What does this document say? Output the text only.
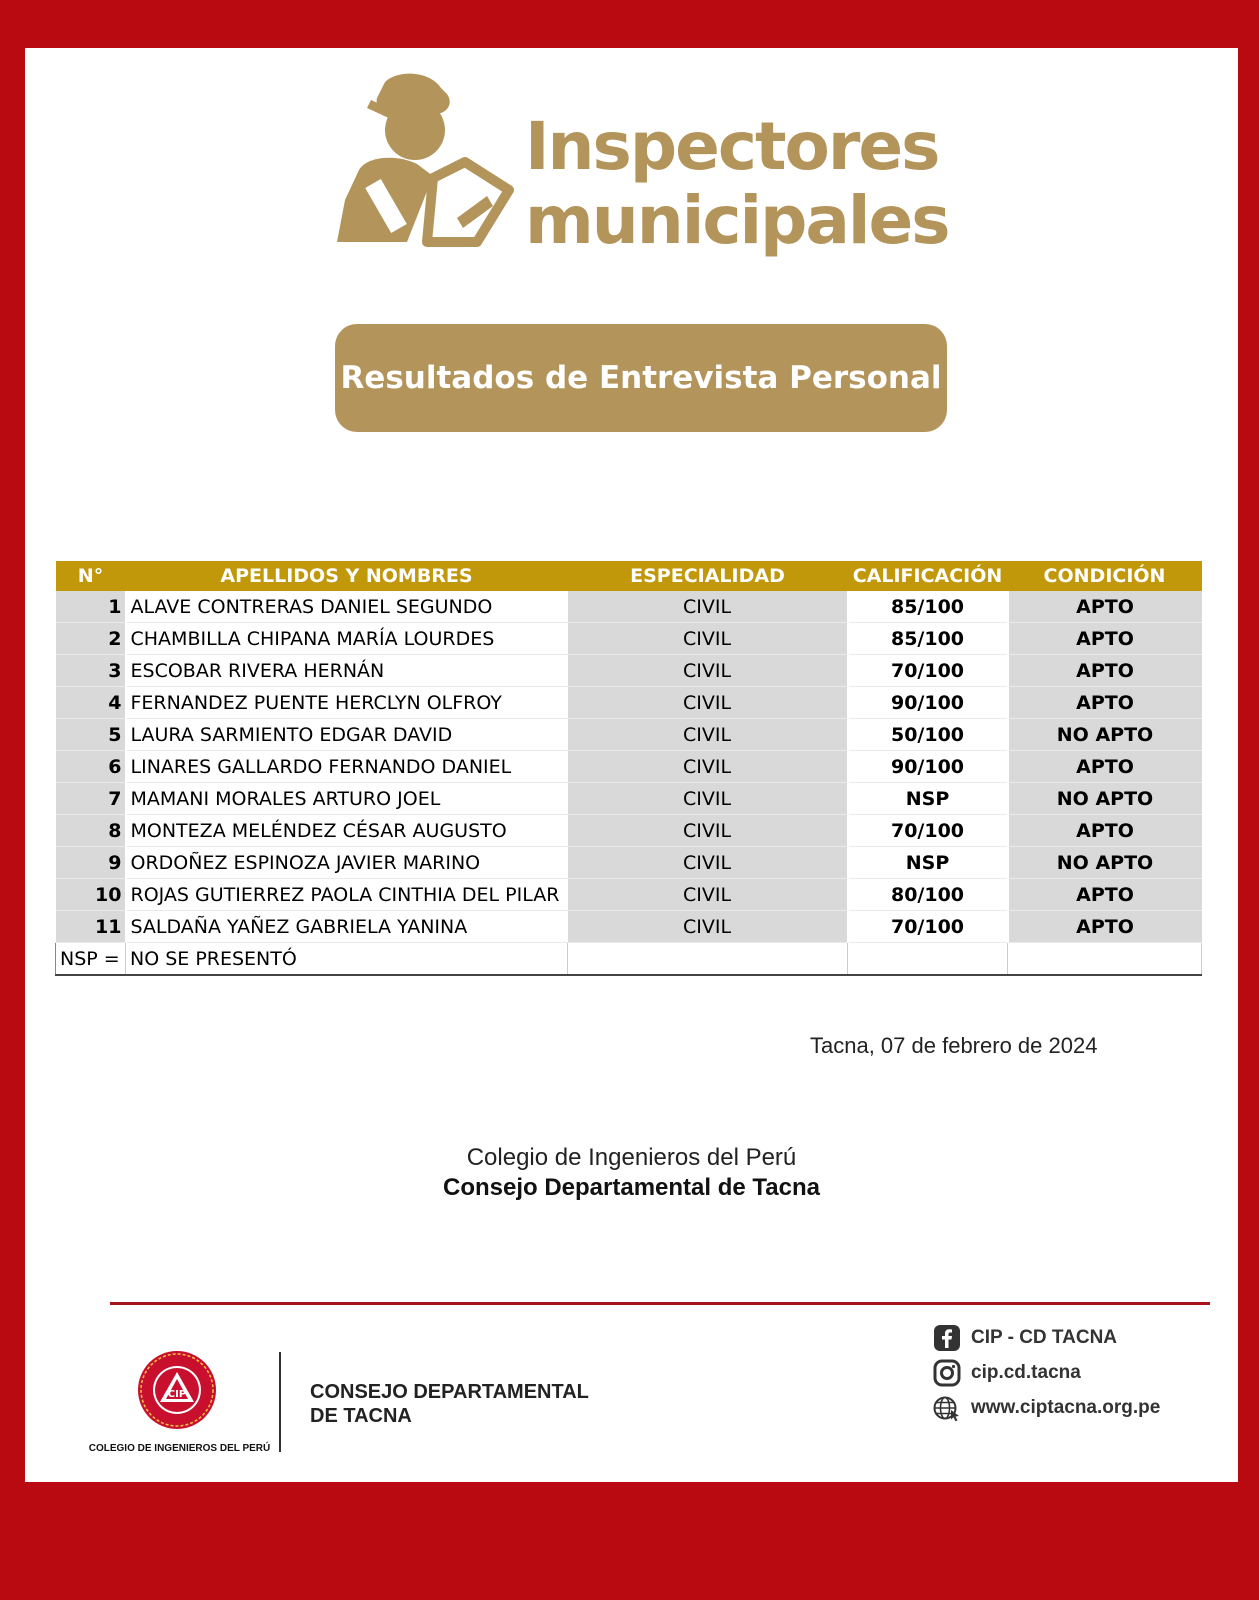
Inspectores
municipales
Resultados de Entrevista Personal
N°	APELLIDOS Y NOMBRES	ESPECIALIDAD	CALIFICACIÓN	CONDICIÓN
1	ALAVE CONTRERAS DANIEL SEGUNDO	CIVIL	85/100	APTO
2	CHAMBILLA CHIPANA MARÍA LOURDES	CIVIL	85/100	APTO
3	ESCOBAR RIVERA HERNÁN	CIVIL	70/100	APTO
4	FERNANDEZ PUENTE HERCLYN OLFROY	CIVIL	90/100	APTO
5	LAURA SARMIENTO EDGAR DAVID	CIVIL	50/100	NO APTO
6	LINARES GALLARDO FERNANDO DANIEL	CIVIL	90/100	APTO
7	MAMANI MORALES ARTURO JOEL	CIVIL	NSP	NO APTO
8	MONTEZA MELÉNDEZ CÉSAR AUGUSTO	CIVIL	70/100	APTO
9	ORDOÑEZ ESPINOZA JAVIER MARINO	CIVIL	NSP	NO APTO
10	ROJAS GUTIERREZ PAOLA CINTHIA DEL PILAR	CIVIL	80/100	APTO
11	SALDAÑA YAÑEZ GABRIELA YANINA	CIVIL	70/100	APTO
NSP =	NO SE PRESENTÓ			
Tacna, 07 de febrero de 2024
Colegio de Ingenieros del Perú
Consejo Departamental de Tacna
CIP
COLEGIO DE INGENIEROS DEL PERÚ
CONSEJO DEPARTAMENTAL
DE TACNA
CIP - CD TACNA
cip.cd.tacna
www.ciptacna.org.pe
